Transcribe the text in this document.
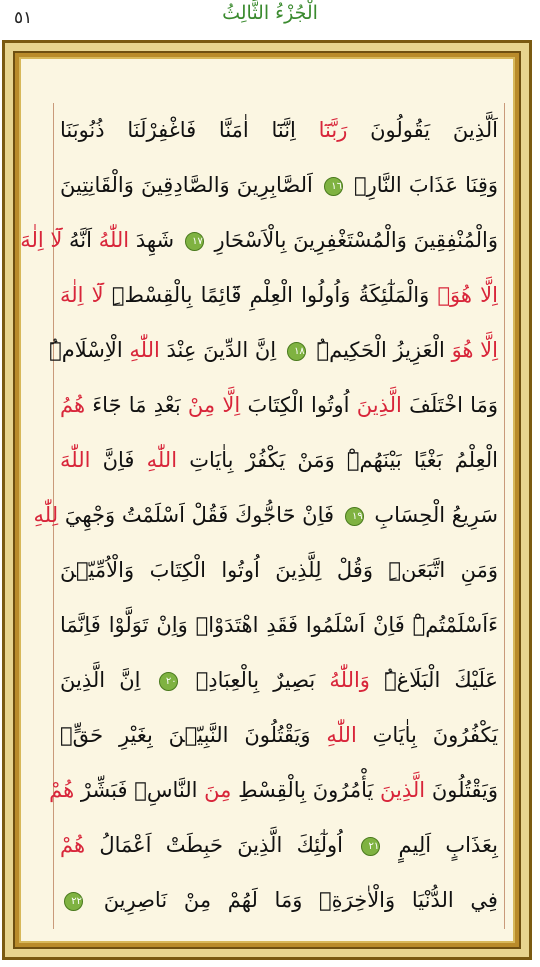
الْجُزْءُ الثَّالِثُ
٥١
اَلَّذِينَ يَقُولُونَ رَبَّنَٓا اِنَّنَٓا اٰمَنَّا فَاغْفِرْلَنَا ذُنُوبَنَا
وَقِنَا عَذَابَ النَّارِۚ ١٦ اَلصَّابِرِينَ وَالصَّادِقِينَ وَالْقَانِتِينَ
وَالْمُنْفِقِينَ وَالْمُسْتَغْفِرِينَ بِالْاَسْحَارِ ١٧ شَهِدَ اللّٰهُ اَنَّهُ لَٓا اِلٰهَ
اِلَّا هُوَۙ وَالْمَلٰٓئِكَةُ وَاُولُوا الْعِلْمِ قَٓائِمًا بِالْقِسْطِۜ لَٓا اِلٰهَ
اِلَّا هُوَ الْعَزِيزُ الْحَكِيمُۜ ١٨ اِنَّ الدِّينَ عِنْدَ اللّٰهِ الْاِسْلَامُۜ
وَمَا اخْتَلَفَ الَّذِينَ اُوتُوا الْكِتَابَ اِلَّا مِنْ بَعْدِ مَا جَٓاءَ هُمُ
الْعِلْمُ بَغْيًا بَيْنَهُمْۜ وَمَنْ يَكْفُرْ بِاٰيَاتِ اللّٰهِ فَاِنَّ اللّٰهَ
سَرِيعُ الْحِسَابِ ١٩ فَاِنْ حَٓاجُّوكَ فَقُلْ اَسْلَمْتُ وَجْهِيَ لِلّٰهِ
وَمَنِ اتَّبَعَنِۜ وَقُلْ لِلَّذِينَ اُوتُوا الْكِتَابَ وَالْاُمِّيّٖنَ
ءَاَسْلَمْتُمْۜ فَاِنْ اَسْلَمُوا فَقَدِ اهْتَدَوْاۚ وَاِنْ تَوَلَّوْا فَاِنَّمَا
عَلَيْكَ الْبَلَاغُۜ وَاللّٰهُ بَصِيرٌ بِالْعِبَادِۚ ٢٠ اِنَّ الَّذِينَ
يَكْفُرُونَ بِاٰيَاتِ اللّٰهِ وَيَقْتُلُونَ النَّبِيّٖنَ بِغَيْرِ حَقٍّۙ
وَيَقْتُلُونَ الَّذِينَ يَأْمُرُونَ بِالْقِسْطِ مِنَ النَّاسِۙ فَبَشِّرْ هُمْ
بِعَذَابٍ اَلِيمٍ ٢١ اُولٰٓئِكَ الَّذِينَ حَبِطَتْ اَعْمَالُ هُمْ
فِي الدُّنْيَا وَالْاٰخِرَةِۘ وَمَا لَهُمْ مِنْ نَاصِرِينَ ٢٢
